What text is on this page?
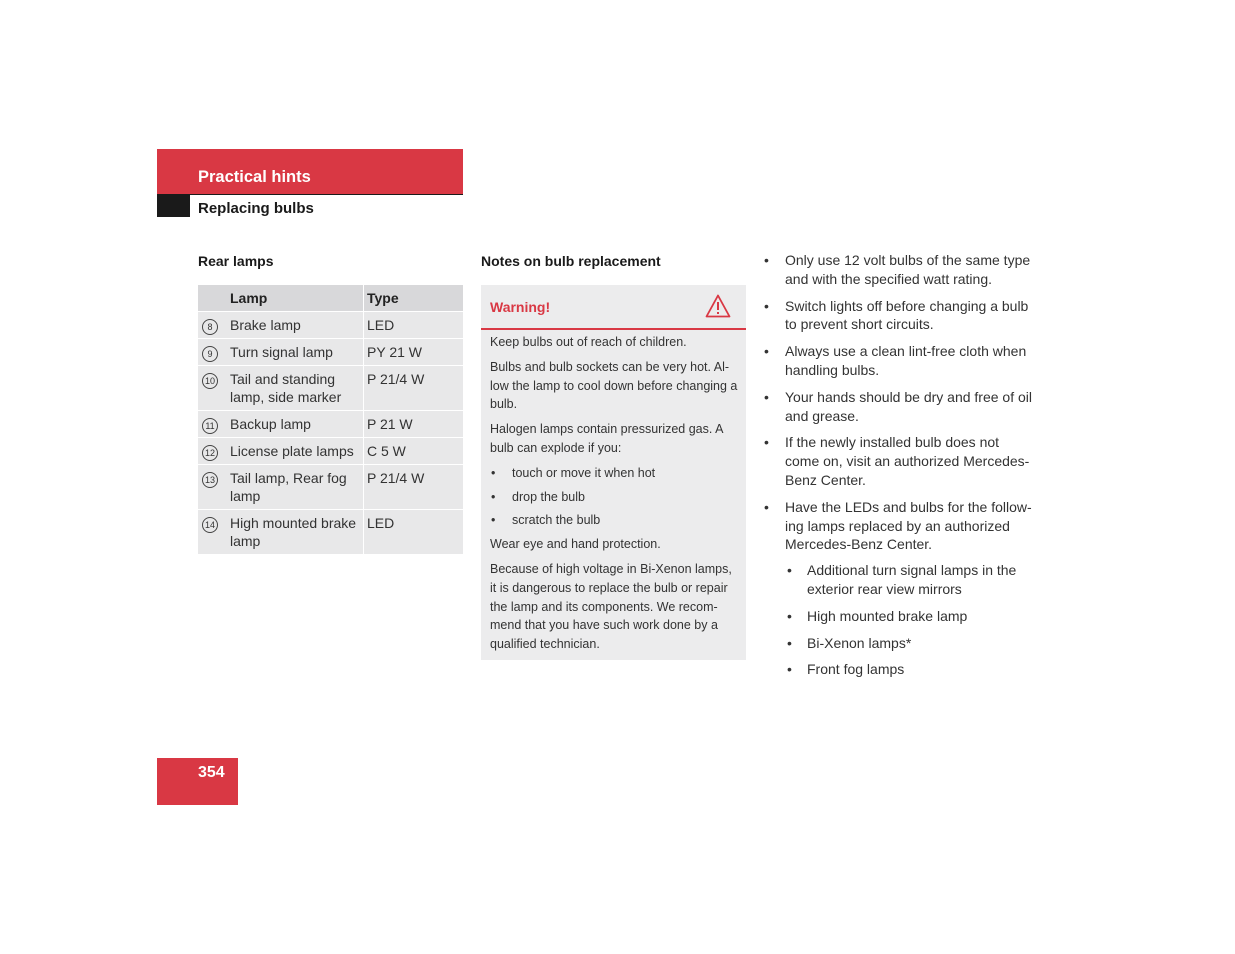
Practical hints
Replacing bulbs
Rear lamps
	Lamp	Type
8	Brake lamp	LED
9	Turn signal lamp	PY 21 W
10	Tail and standing lamp, side marker	P 21/4 W
11	Backup lamp	P 21 W
12	License plate lamps	C 5 W
13	Tail lamp, Rear fog lamp	P 21/4 W
14	High mounted brake lamp	LED
Notes on bulb replacement
Warning!

Keep bulbs out of reach of children.

Bulbs and bulb sockets can be very hot. Al-low the lamp to cool down before changing a bulb.

Halogen lamps contain pressurized gas. A bulb can explode if you:

• touch or move it when hot
• drop the bulb
• scratch the bulb

Wear eye and hand protection.

Because of high voltage in Bi-Xenon lamps, it is dangerous to replace the bulb or repair the lamp and its components. We recom-mend that you have such work done by a qualified technician.

• Only use 12 volt bulbs of the same type and with the specified watt rating.
• Switch lights off before changing a bulb to prevent short circuits.
• Always use a clean lint-free cloth when handling bulbs.
• Your hands should be dry and free of oil and grease.
• If the newly installed bulb does not come on, visit an authorized Mercedes-Benz Center.
• Have the LEDs and bulbs for the follow-ing lamps replaced by an authorized Mercedes-Benz Center.
• Additional turn signal lamps in the exterior rear view mirrors
• High mounted brake lamp
• Bi-Xenon lamps*
• Front fog lamps
354
